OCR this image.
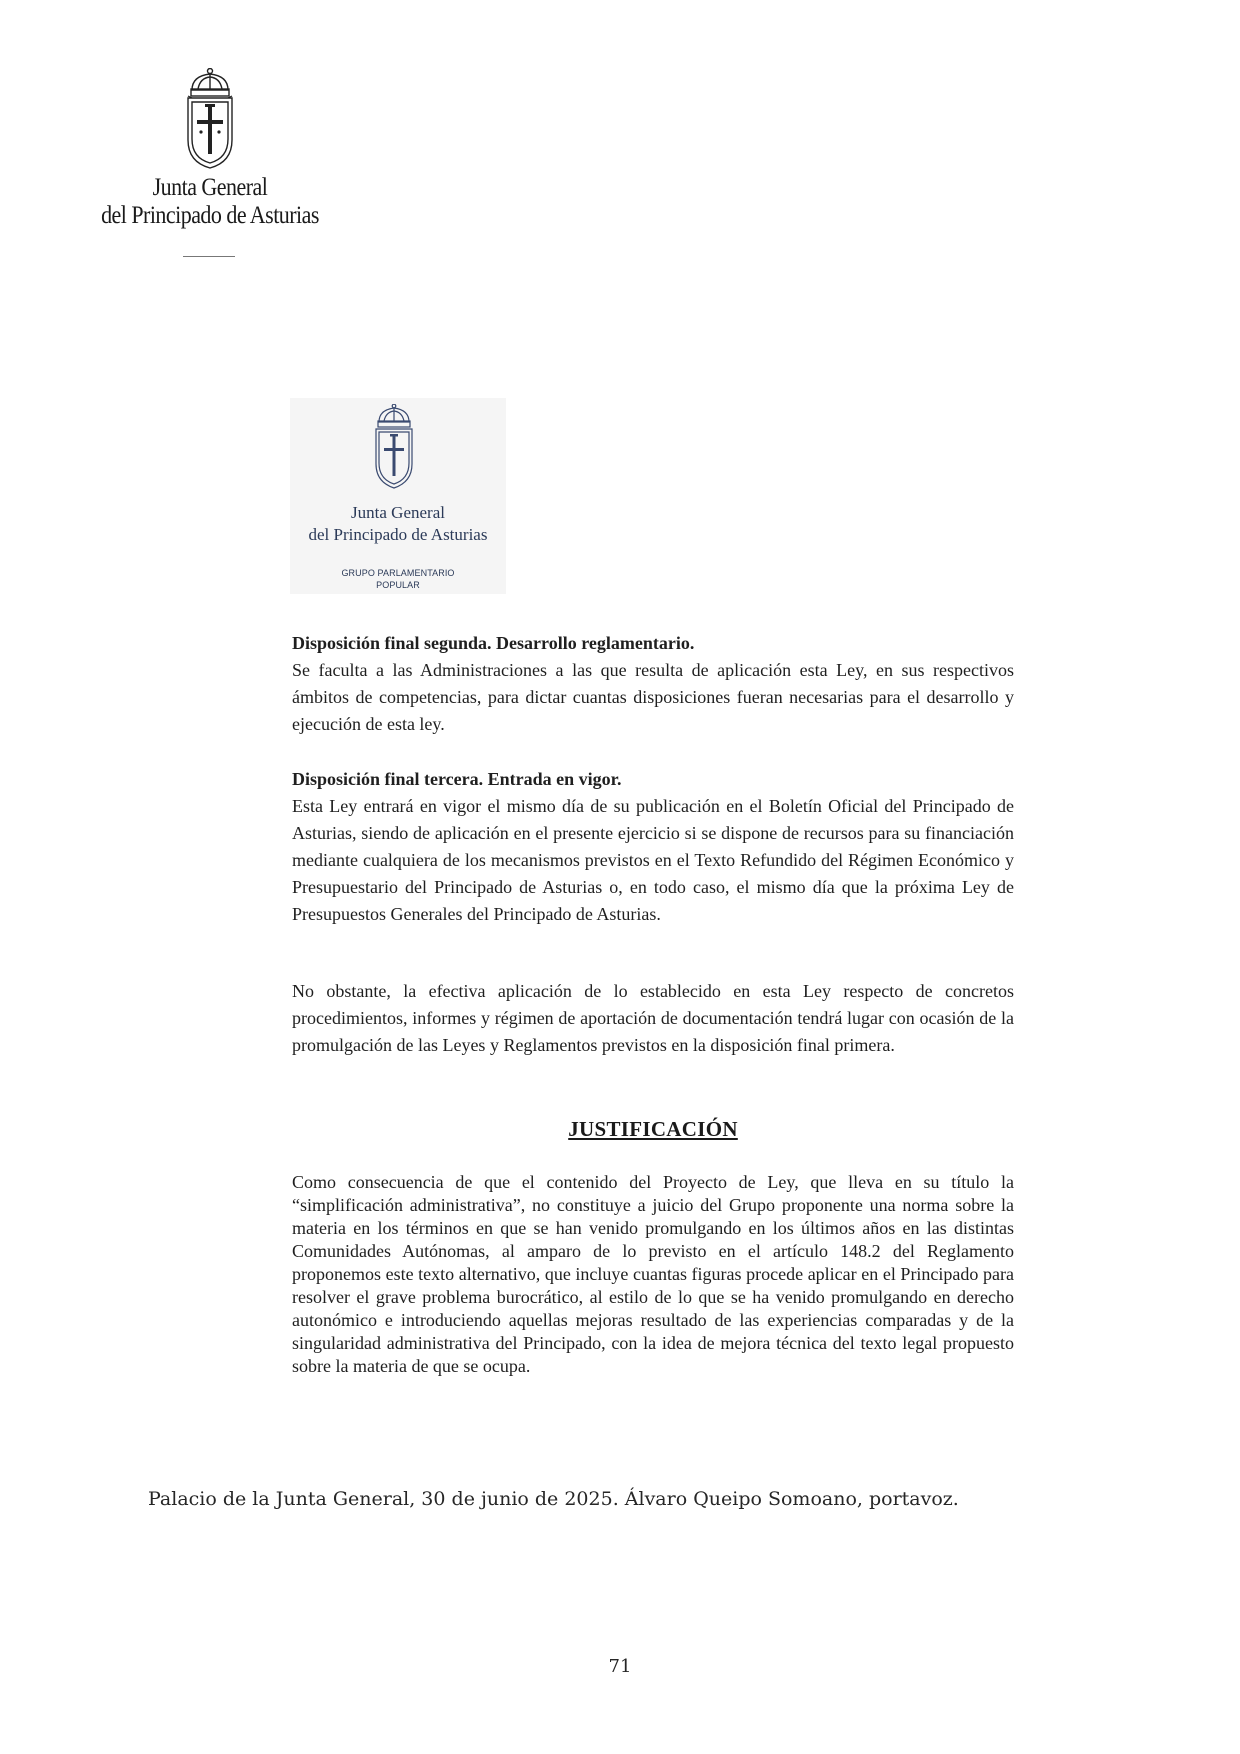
Junta General
del Principado de Asturias
Junta General
del Principado de Asturias
GRUPO PARLAMENTARIO
POPULAR
Disposición final segunda. Desarrollo reglamentario.
Se faculta a las Administraciones a las que resulta de aplicación esta Ley, en sus respectivos ámbitos de competencias, para dictar cuantas disposiciones fueran necesarias para el desarrollo y ejecución de esta ley.
Disposición final tercera. Entrada en vigor.
Esta Ley entrará en vigor el mismo día de su publicación en el Boletín Oficial del Principado de Asturias, siendo de aplicación en el presente ejercicio si se dispone de recursos para su financiación mediante cualquiera de los mecanismos previstos en el Texto Refundido del Régimen Económico y Presupuestario del Principado de Asturias o, en todo caso, el mismo día que la próxima Ley de Presupuestos Generales del Principado de Asturias.
No obstante, la efectiva aplicación de lo establecido en esta Ley respecto de concretos procedimientos, informes y régimen de aportación de documentación tendrá lugar con ocasión de la promulgación de las Leyes y Reglamentos previstos en la disposición final primera.
JUSTIFICACIÓN
Como consecuencia de que el contenido del Proyecto de Ley, que lleva en su título la “simplificación administrativa”, no constituye a juicio del Grupo proponente una norma sobre la materia en los términos en que se han venido promulgando en los últimos años en las distintas Comunidades Autónomas, al amparo de lo previsto en el artículo 148.2 del Reglamento proponemos este texto alternativo, que incluye cuantas figuras procede aplicar en el Principado para resolver el grave problema burocrático, al estilo de lo que se ha venido promulgando en derecho autonómico e introduciendo aquellas mejoras resultado de las experiencias comparadas y de la singularidad administrativa del Principado, con la idea de mejora técnica del texto legal propuesto sobre la materia de que se ocupa.
Palacio de la Junta General, 30 de junio de 2025. Álvaro Queipo Somoano, portavoz.
71
